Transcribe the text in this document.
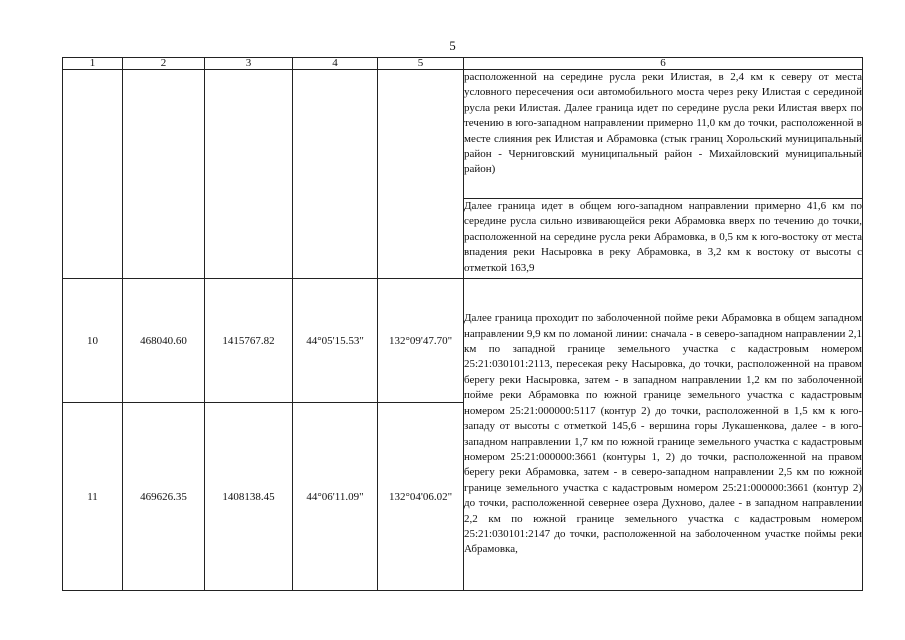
5
1	2	3	4	5	6

					расположенной на середине русла реки Илистая, в 2,4 км к северу от места условного пересечения оси автомобильного моста через реку Илистая с серединой русла реки Илистая. Далее граница идет по середине русла реки Илистая вверх по течению в юго-западном направлении примерно 11,0 км до точки, расположенной в месте слияния рек Илистая и Абрамовка (стык границ Хорольский муниципальный район - Черниговский муниципальный район - Михайловский муниципальный район)

					Далее граница идет в общем юго-западном направлении примерно 41,6 км по середине русла сильно извивающейся реки Абрамовка вверх по течению до точки, расположенной на середине русла реки Абрамовка, в 0,5 км к юго-востоку от места впадения реки Насыровка в реку Абрамовка, в 3,2 км к востоку от высоты с отметкой 163,9

10	468040.60	1415767.82	44°05'15.53"	132°09'47.70"	Далее граница проходит по заболоченной пойме реки Абрамовка в общем западном направлении 9,9 км по ломаной линии: сначала - в северо-западном направлении 2,1 км по западной границе земельного участка с кадастровым номером 25:21:030101:2113, пересекая реку Насыровка, до точки, расположенной на правом берегу реки Насыровка, затем - в западном направлении 1,2 км по заболоченной пойме реки Абрамовка по южной границе земельного участка с кадастровым номером 25:21:000000:5117 (контур 2) до точки, расположенной в 1,5 км к юго-западу от высоты с отметкой 145,6 - вершина горы Лукашенкова, далее - в юго-западном направлении 1,7 км по южной границе земельного участка с кадастровым номером 25:21:000000:3661 (контуры 1, 2) до точки, расположенной на правом берегу реки Абрамовка, затем - в северо-западном направлении 2,5 км по южной границе земельного участка с кадастровым номером 25:21:000000:3661 (контур 2) до точки, расположенной севернее озера Духново, далее - в западном направлении 2,2 км по южной границе земельного участка с кадастровым номером 25:21:030101:2147 до точки, расположенной на заболоченном участке поймы реки Абрамовка,

11	469626.35	1408138.45	44°06'11.09"	132°04'06.02"	
